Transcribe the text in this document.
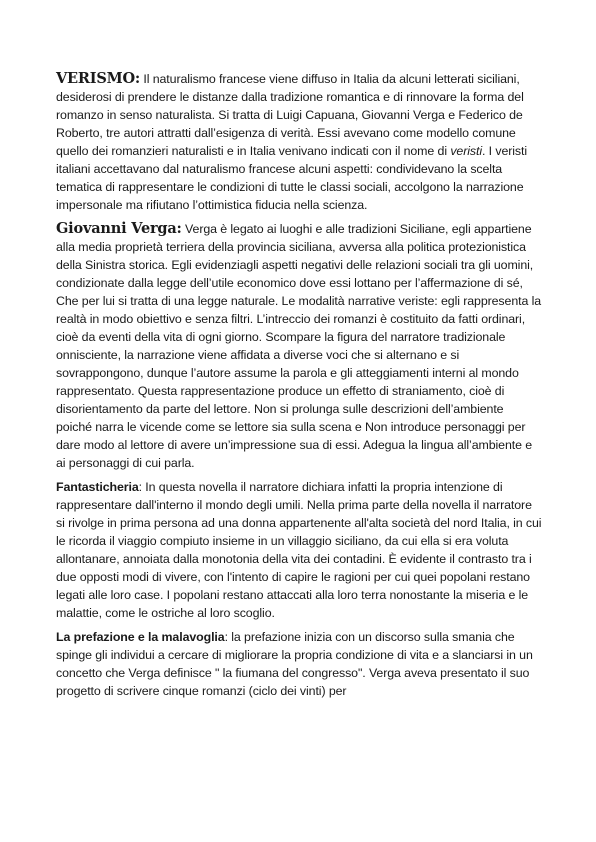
VERISMO: Il naturalismo francese viene diffuso in Italia da alcuni letterati siciliani, desiderosi di prendere le distanze dalla tradizione romantica e di rinnovare la forma del romanzo in senso naturalista. Si tratta di Luigi Capuana, Giovanni Verga e Federico de Roberto, tre autori attratti dall’esigenza di verità. Essi avevano come modello comune quello dei romanzieri naturalisti e in Italia venivano indicati con il nome di veristi. I veristi italiani accettavano dal naturalismo francese alcuni aspetti: condividevano la scelta tematica di rappresentare le condizioni di tutte le classi sociali, accolgono la narrazione impersonale ma rifiutano l’ottimistica fiducia nella scienza.

Giovanni Verga: Verga è legato ai luoghi e alle tradizioni Siciliane, egli appartiene alla media proprietà terriera della provincia siciliana, avversa alla politica protezionistica della Sinistra storica. Egli evidenziagli aspetti negativi delle relazioni sociali tra gli uomini, condizionate dalla legge dell’utile economico dove essi lottano per l’affermazione di sé, Che per lui si tratta di una legge naturale. Le modalità narrative veriste: egli rappresenta la realtà in modo obiettivo e senza filtri. L’intreccio dei romanzi è costituito da fatti ordinari, cioè da eventi della vita di ogni giorno. Scompare la figura del narratore tradizionale onnisciente, la narrazione viene affidata a diverse voci che si alternano e si sovrappongono, dunque l’autore assume la parola e gli atteggiamenti interni al mondo rappresentato. Questa rappresentazione produce un effetto di straniamento, cioè di disorientamento da parte del lettore. Non si prolunga sulle descrizioni dell’ambiente poiché narra le vicende come se lettore sia sulla scena e Non introduce personaggi per dare modo al lettore di avere un’impressione sua di essi. Adegua la lingua all’ambiente e ai personaggi di cui parla.

Fantasticheria: In questa novella il narratore dichiara infatti la propria intenzione di rappresentare dall'interno il mondo degli umili. Nella prima parte della novella il narratore si rivolge in prima persona ad una donna appartenente all'alta società del nord Italia, in cui le ricorda il viaggio compiuto insieme in un villaggio siciliano, da cui ella si era voluta allontanare, annoiata dalla monotonia della vita dei contadini. È evidente il contrasto tra i due opposti modi di vivere, con l'intento di capire le ragioni per cui quei popolani restano legati alle loro case. I popolani restano attaccati alla loro terra nonostante la miseria e le malattie, come le ostriche al loro scoglio.

La prefazione e la malavoglia: la prefazione inizia con un discorso sulla smania che spinge gli individui a cercare di migliorare la propria condizione di vita e a slanciarsi in un concetto che Verga definisce " la fiumana del congresso". Verga aveva presentato il suo progetto di scrivere cinque romanzi (ciclo dei vinti) per
